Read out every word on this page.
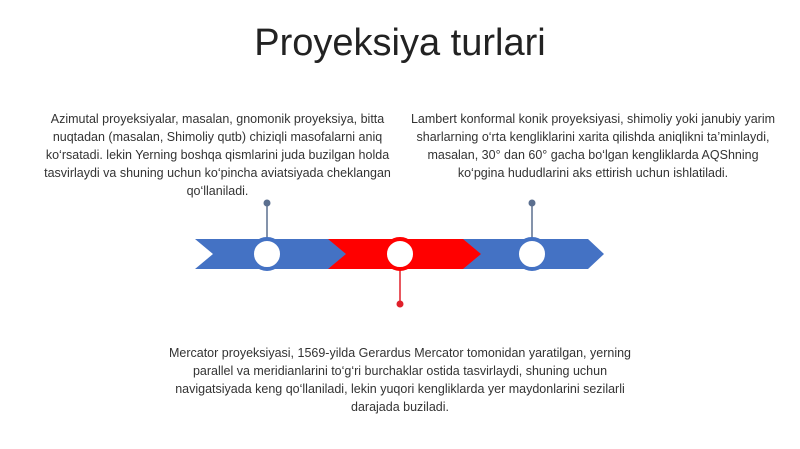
Proyeksiya turlari
Azimutal proyeksiyalar, masalan, gnomonik proyeksiya, bitta nuqtadan (masalan, Shimoliy qutb) chiziqli masofalarni aniq ko‘rsatadi. lekin Yerning boshqa qismlarini juda buzilgan holda tasvirlaydi va shuning uchun ko‘pincha aviatsiyada cheklangan qo‘llaniladi.
Lambert konformal konik proyeksiyasi, shimoliy yoki janubiy yarim sharlarning o‘rta kengliklarini xarita qilishda aniqlikni ta’minlaydi, masalan, 30° dan 60° gacha bo‘lgan kengliklarda AQShning ko‘pgina hududlarini aks ettirish uchun ishlatiladi.
Mercator proyeksiyasi, 1569-yilda Gerardus Mercator tomonidan yaratilgan, yerning parallel va meridianlarini to‘g‘ri burchaklar ostida tasvirlaydi, shuning uchun navigatsiyada keng qo‘llaniladi, lekin yuqori kengliklarda yer maydonlarini sezilarli darajada buziladi.
